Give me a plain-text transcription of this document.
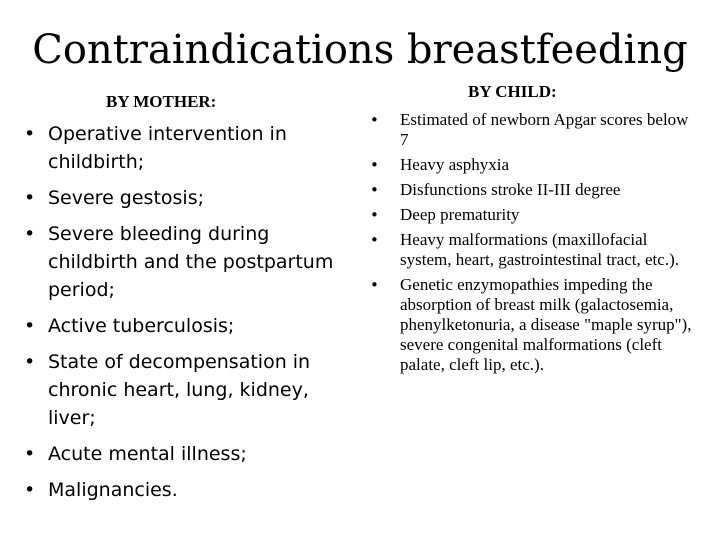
Contraindications breastfeeding

BY MOTHER:

• Operative intervention in childbirth;
• Severe gestosis;
• Severe bleeding during childbirth and the postpartum period;
• Active tuberculosis;
• State of decompensation in chronic heart, lung, kidney, liver;
• Acute mental illness;
• Malignancies.

BY CHILD:

• Estimated of newborn Apgar scores below 7
• Heavy asphyxia
• Disfunctions stroke II-III degree
• Deep prematurity
• Heavy malformations (maxillofacial system, heart, gastrointestinal tract, etc.).
• Genetic enzymopathies impeding the absorption of breast milk (galactosemia, phenylketonuria, a disease "maple syrup"), severe congenital malformations (cleft palate, cleft lip, etc.).
